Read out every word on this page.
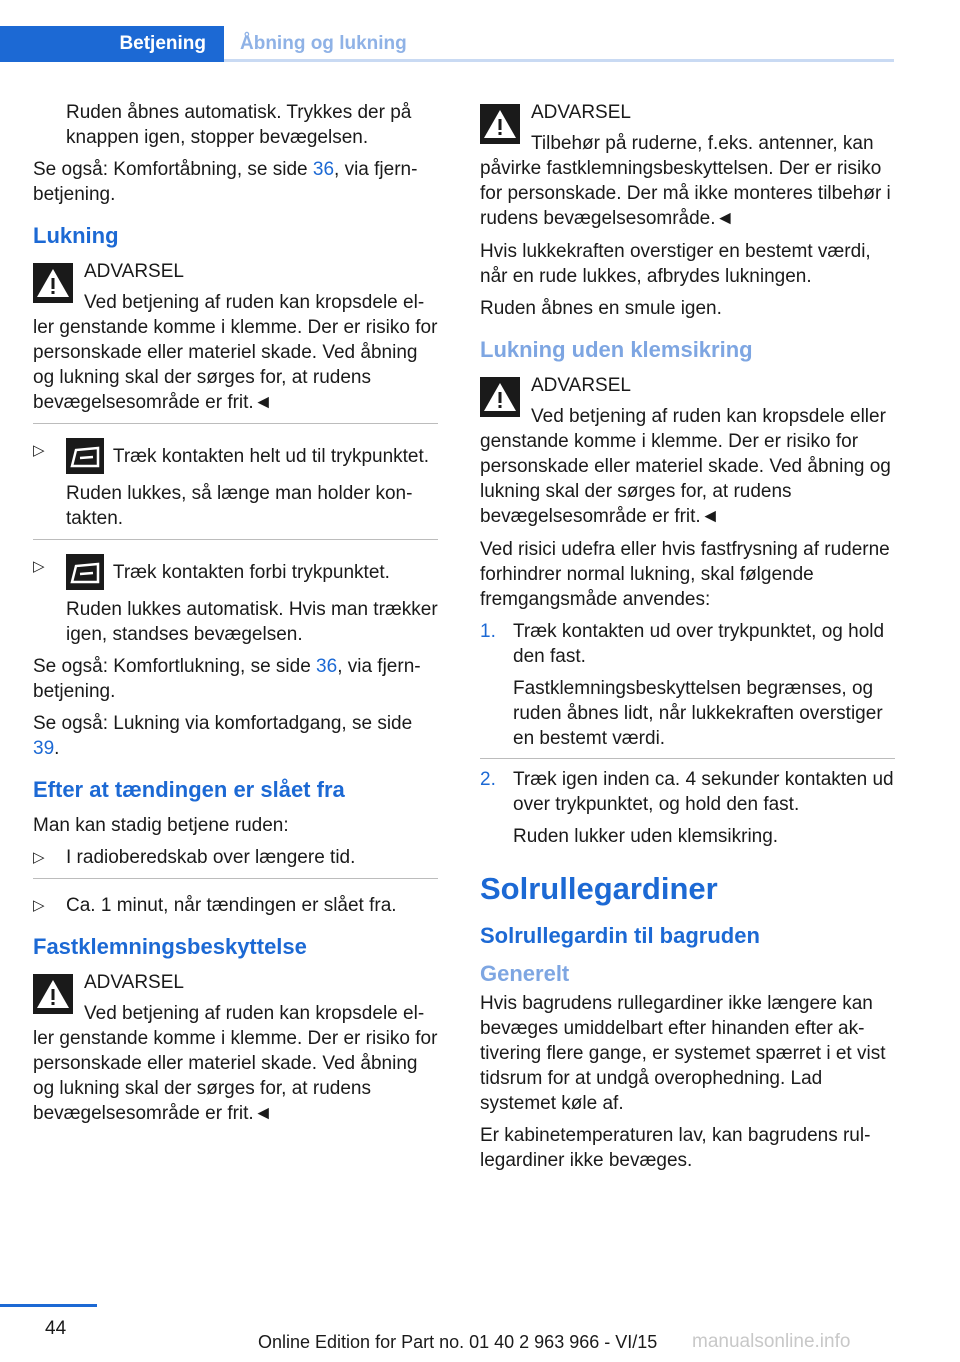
Betjening Åbning og lukning

Ruden åbnes automatisk. Trykkes der på knappen igen, stopper bevægelsen.

Se også: Komfortåbning, se side 36, via fjernbetjening.

Lukning

ADVARSEL

Ved betjening af ruden kan kropsdele eller genstande komme i klemme. Der er risiko for personskade eller materiel skade. Ved åbning og lukning skal der sørges for, at rudens bevægelsesområde er frit.◄

▷	Træk kontakten helt ud til trykpunktet.

Ruden lukkes, så længe man holder kontakten.

▷	Træk kontakten forbi trykpunktet.

Ruden lukkes automatisk. Hvis man trækker igen, standses bevægelsen.

Se også: Komfortlukning, se side 36, via fjernbetjening.

Se også: Lukning via komfortadgang, se side 39.

Efter at tændingen er slået fra

Man kan stadig betjene ruden:

▷ I radioberedskab over længere tid.
▷ Ca. 1 minut, når tændingen er slået fra.
Fastklemningsbeskyttelse

ADVARSEL

Ved betjening af ruden kan kropsdele eller genstande komme i klemme. Der er risiko for personskade eller materiel skade. Ved åbning og lukning skal der sørges for, at rudens bevægelsesområde er frit.◄

ADVARSEL

Tilbehør på ruderne, f.eks. antenner, kan påvirke fastklemningsbeskyttelsen. Der er risiko for personskade. Der må ikke monteres tilbehør i rudens bevægelsesområde.◄

Hvis lukkekraften overstiger en bestemt værdi, når en rude lukkes, afbrydes lukningen.

Ruden åbnes en smule igen.

Lukning uden klemsikring

ADVARSEL

Ved betjening af ruden kan kropsdele eller genstande komme i klemme. Der er risiko for personskade eller materiel skade. Ved åbning og lukning skal der sørges for, at rudens bevægelsesområde er frit.◄

Ved risici udefra eller hvis fastfrysning af ruderne forhindrer normal lukning, skal følgende fremgangsmåde anvendes:

1. Træk kontakten ud over trykpunktet, og hold den fast.

Fastklemningsbeskyttelsen begrænses, og ruden åbnes lidt, når lukkekraften overstiger en bestemt værdi.

2. Træk igen inden ca. 4 sekunder kontakten ud over trykpunktet, og hold den fast.

Ruden lukker uden klemsikring.

Solrullegardiner
Solrullegardin til bagruden
Generelt

Hvis bagrudens rullegardiner ikke længere kan bevæges umiddelbart efter hinanden efter aktivering flere gange, er systemet spærret i et vist tidsrum for at undgå overophedning. Lad systemet køle af.

Er kabinetemperaturen lav, kan bagrudens rullegardiner ikke bevæges.

44
Online Edition for Part no. 01 40 2 963 966 - VI/15 manualsonline.info
